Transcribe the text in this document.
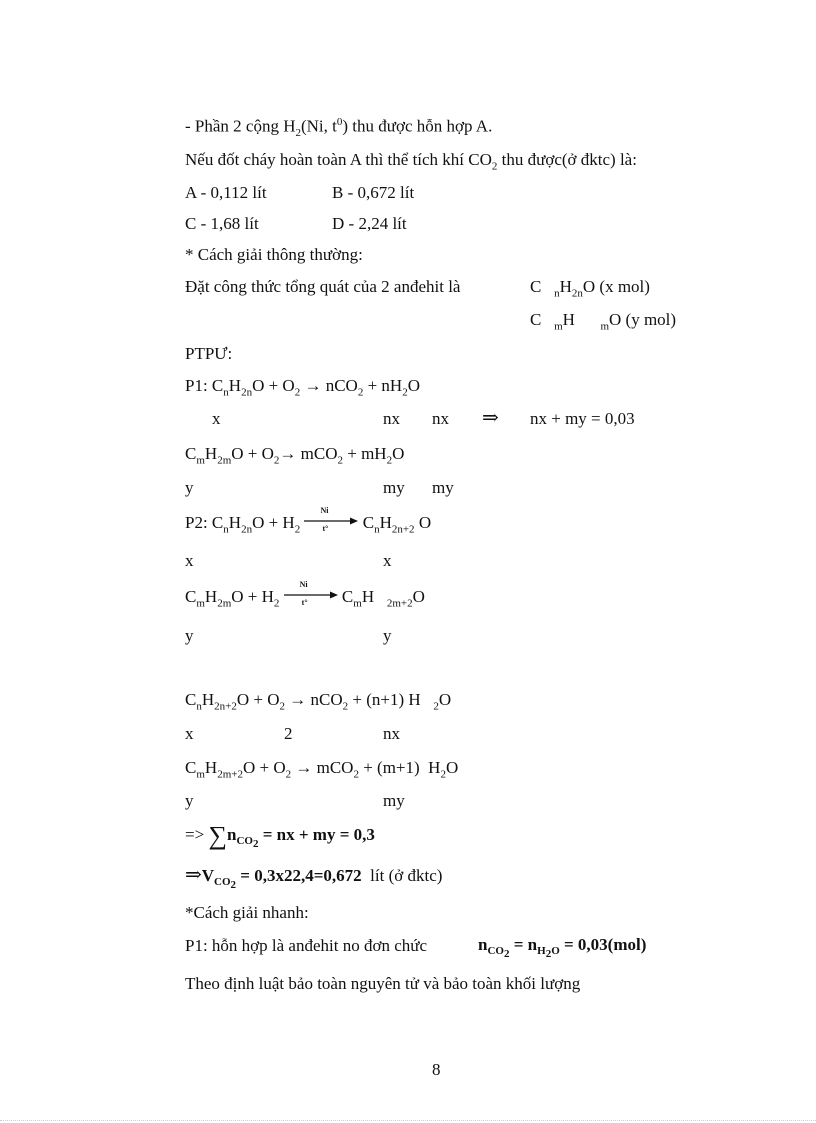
- Phần 2 cộng $H_2(Ni$, $t^0$) thu được hỗn hợp A.
Nếu đốt cháy hoàn toàn A thì thể tích khí $CO_2$ thu được(ở đktc) là:
A - 0,112 lít	B - 0,672 lít
C - 1,68 lít	D - 2,24 lít
* Cách giải thông thường:
Đặt công thức tổng quát của 2 anđehit là	C   $_nH_{2n}O$ (x mol)
C   $_m$H      $_m$O (y mol)
PTPƯ:
P1: $C_nH_{2n}O + O_2 \to nCO_2 + nH_2O$
x	nx nx ⇒ nx + my = 0,03
$C_mH_{2m}O + O_2\to mCO_2 + mH_2O$
y	my my
P2: $C_nH_{2n}O + H_2$
Ni
t° $C_nH_{2n+2}$ O
x	x
$C_mH_{2m}O + H_2$
Ni
t° $C_mH$   $_{2m+2}$O
y	y
$C_nH_{2n+2}O + O_2 \to nCO_2 + (n+1)$ H   $_2$O
x	2	nx
$C_mH_{2m+2}O + O_2 \to mCO_2 + (m+1)$  $H_2O$
y	my
=> $\sum n_{CO_2}$ = nx + my = 0,3
$\Rightarrow V_{CO_2} = 0,3x22,4=0,672$ lít (ở đktc)
*Cách giải nhanh:
P1: hỗn hợp là anđehit no đơn chức	$n_{CO_2} = n_{H_2O} = 0,03(mol)$
Theo định luật bảo toàn nguyên tử và bảo toàn khối lượng
8
